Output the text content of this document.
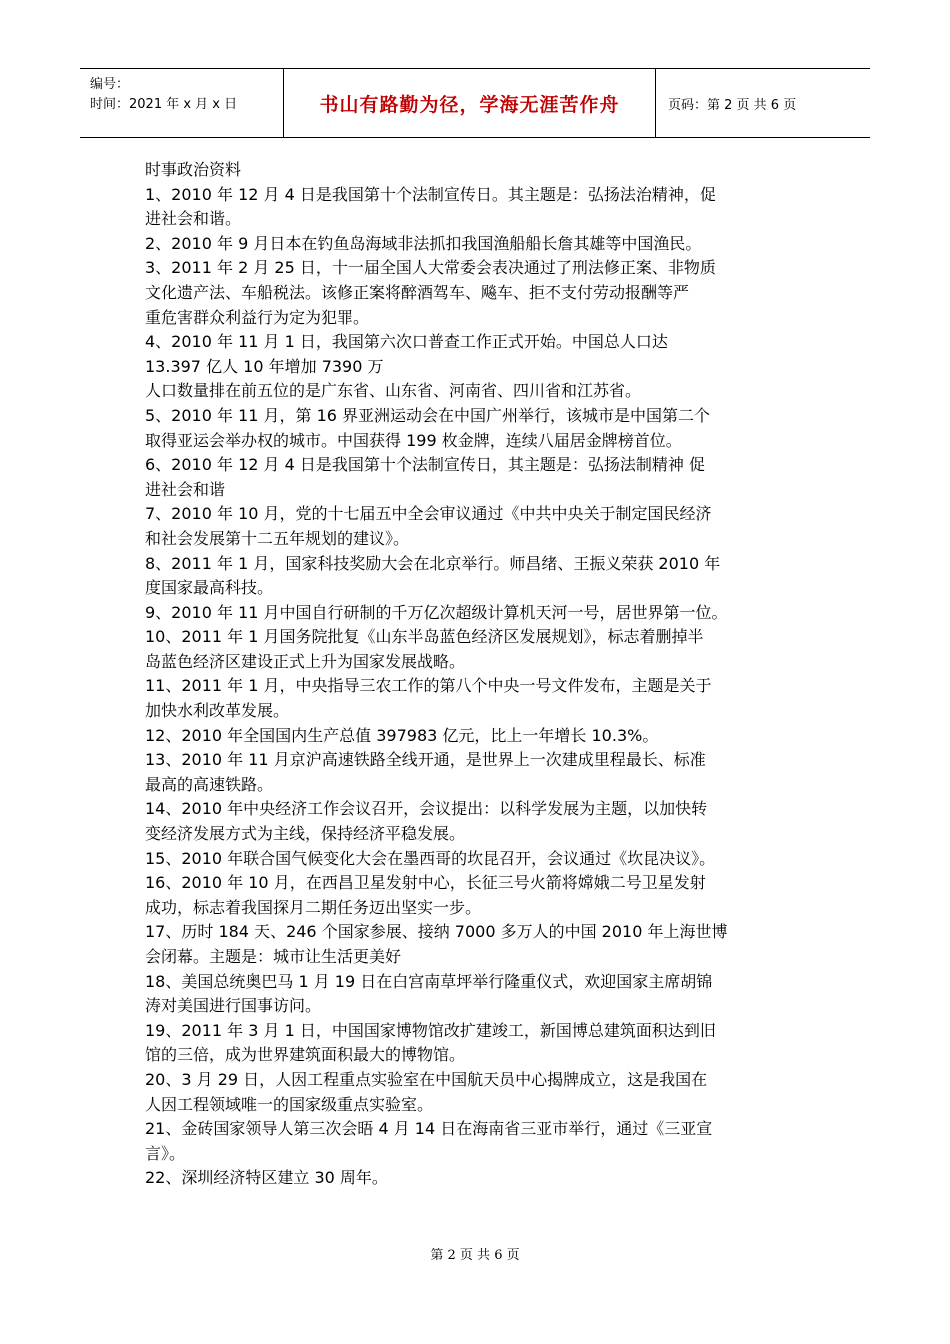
编号：
时间：2021 年 x 月 x 日	书山有路勤为径，学海无涯苦作舟	页码：第 2 页 共 6 页

时事政治资料

1、2010 年 12 月 4 日是我国第十个法制宣传日。其主题是：弘扬法治精神，促

进社会和谐。

2、2010 年 9 月日本在钓鱼岛海域非法抓扣我国渔船船长詹其雄等中国渔民。

3、2011 年 2 月 25 日，十一届全国人大常委会表决通过了刑法修正案、非物质

文化遗产法、车船税法。该修正案将醉酒驾车、飚车、拒不支付劳动报酬等严

重危害群众利益行为定为犯罪。

4、2010 年 11 月 1 日，我国第六次口普查工作正式开始。中国总人口达

13.397 亿人 10 年增加 7390 万

人口数量排在前五位的是广东省、山东省、河南省、四川省和江苏省。

5、2010 年 11 月，第 16 界亚洲运动会在中国广州举行，该城市是中国第二个

取得亚运会举办权的城市。中国获得 199 枚金牌，连续八届居金牌榜首位。

6、2010 年 12 月 4 日是我国第十个法制宣传日，其主题是：弘扬法制精神 促

进社会和谐

7、2010 年 10 月，党的十七届五中全会审议通过《中共中央关于制定国民经济

和社会发展第十二五年规划的建议》。

8、2011 年 1 月，国家科技奖励大会在北京举行。师昌绪、王振义荣获 2010 年

度国家最高科技。

9、2010 年 11 月中国自行研制的千万亿次超级计算机天河一号，居世界第一位。

10、2011 年 1 月国务院批复《山东半岛蓝色经济区发展规划》，标志着删掉半

岛蓝色经济区建设正式上升为国家发展战略。

11、2011 年 1 月，中央指导三农工作的第八个中央一号文件发布，主题是关于

加快水利改革发展。

12、2010 年全国国内生产总值 397983 亿元，比上一年增长 10.3%。

13、2010 年 11 月京沪高速铁路全线开通，是世界上一次建成里程最长、标准

最高的高速铁路。

14、2010 年中央经济工作会议召开，会议提出：以科学发展为主题，以加快转

变经济发展方式为主线，保持经济平稳发展。

15、2010 年联合国气候变化大会在墨西哥的坎昆召开，会议通过《坎昆决议》。

16、2010 年 10 月，在西昌卫星发射中心，长征三号火箭将嫦娥二号卫星发射

成功，标志着我国探月二期任务迈出坚实一步。

17、历时 184 天、246 个国家参展、接纳 7000 多万人的中国 2010 年上海世博

会闭幕。主题是：城市让生活更美好

18、美国总统奥巴马 1 月 19 日在白宫南草坪举行隆重仪式，欢迎国家主席胡锦

涛对美国进行国事访问。

19、2011 年 3 月 1 日，中国国家博物馆改扩建竣工，新国博总建筑面积达到旧

馆的三倍，成为世界建筑面积最大的博物馆。

20、3 月 29 日，人因工程重点实验室在中国航天员中心揭牌成立，这是我国在

人因工程领域唯一的国家级重点实验室。

21、金砖国家领导人第三次会晤 4 月 14 日在海南省三亚市举行，通过《三亚宣

言》。

22、深圳经济特区建立 30 周年。

第 2 页 共 6 页
